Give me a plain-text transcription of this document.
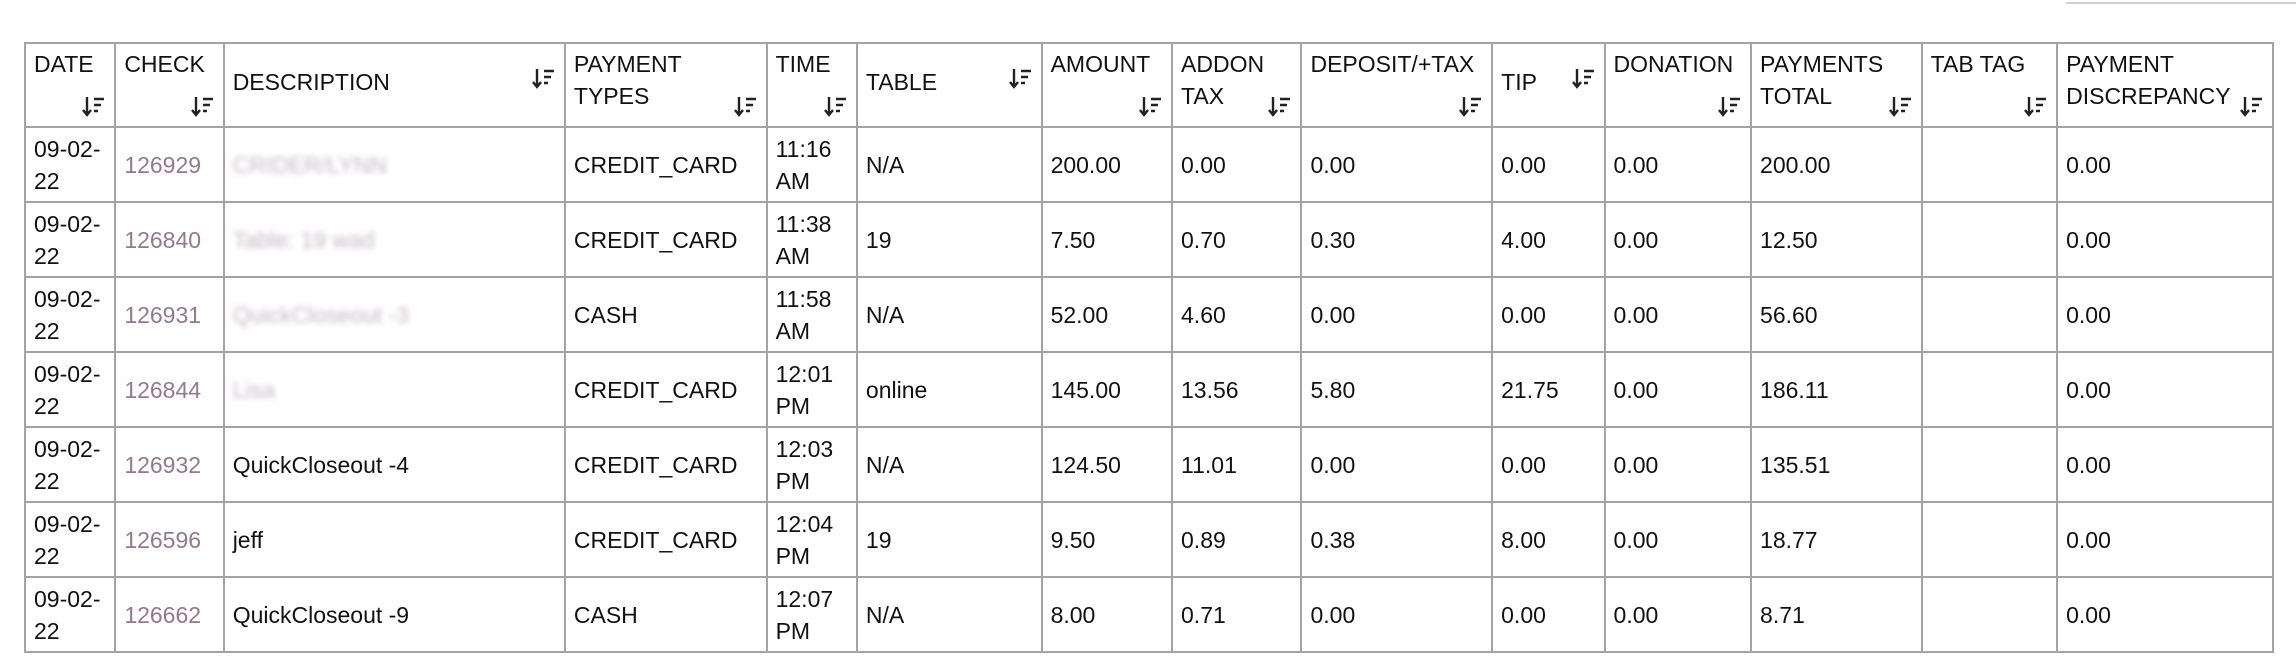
DATE	CHECK	DESCRIPTION	PAYMENT TYPES	TIME	TABLE	AMOUNT	ADDON TAX	DEPOSIT/+TAX	TIP	DONATION	PAYMENTS TOTAL	TAB TAG	PAYMENT DISCREPANCY

09-02-
22	126929	CRIDER/LYNN	CREDIT_CARD	11:16 AM	N/A	200.00	0.00	0.00	0.00	0.00	200.00		0.00

09-02-
22	126840	Table: 19 wad	CREDIT_CARD	11:38 AM	19	7.50	0.70	0.30	4.00	0.00	12.50		0.00

09-02-
22	126931	QuickCloseout -3	CASH	11:58 AM	N/A	52.00	4.60	0.00	0.00	0.00	56.60		0.00

09-02-
22	126844	Lisa	CREDIT_CARD	12:01 PM	online	145.00	13.56	5.80	21.75	0.00	186.11		0.00

09-02-
22	126932	QuickCloseout -4	CREDIT_CARD	12:03 PM	N/A	124.50	11.01	0.00	0.00	0.00	135.51		0.00

09-02-
22	126596	jeff	CREDIT_CARD	12:04 PM	19	9.50	0.89	0.38	8.00	0.00	18.77		0.00

09-02-
22	126662	QuickCloseout -9	CASH	12:07 PM	N/A	8.00	0.71	0.00	0.00	0.00	8.71		0.00
